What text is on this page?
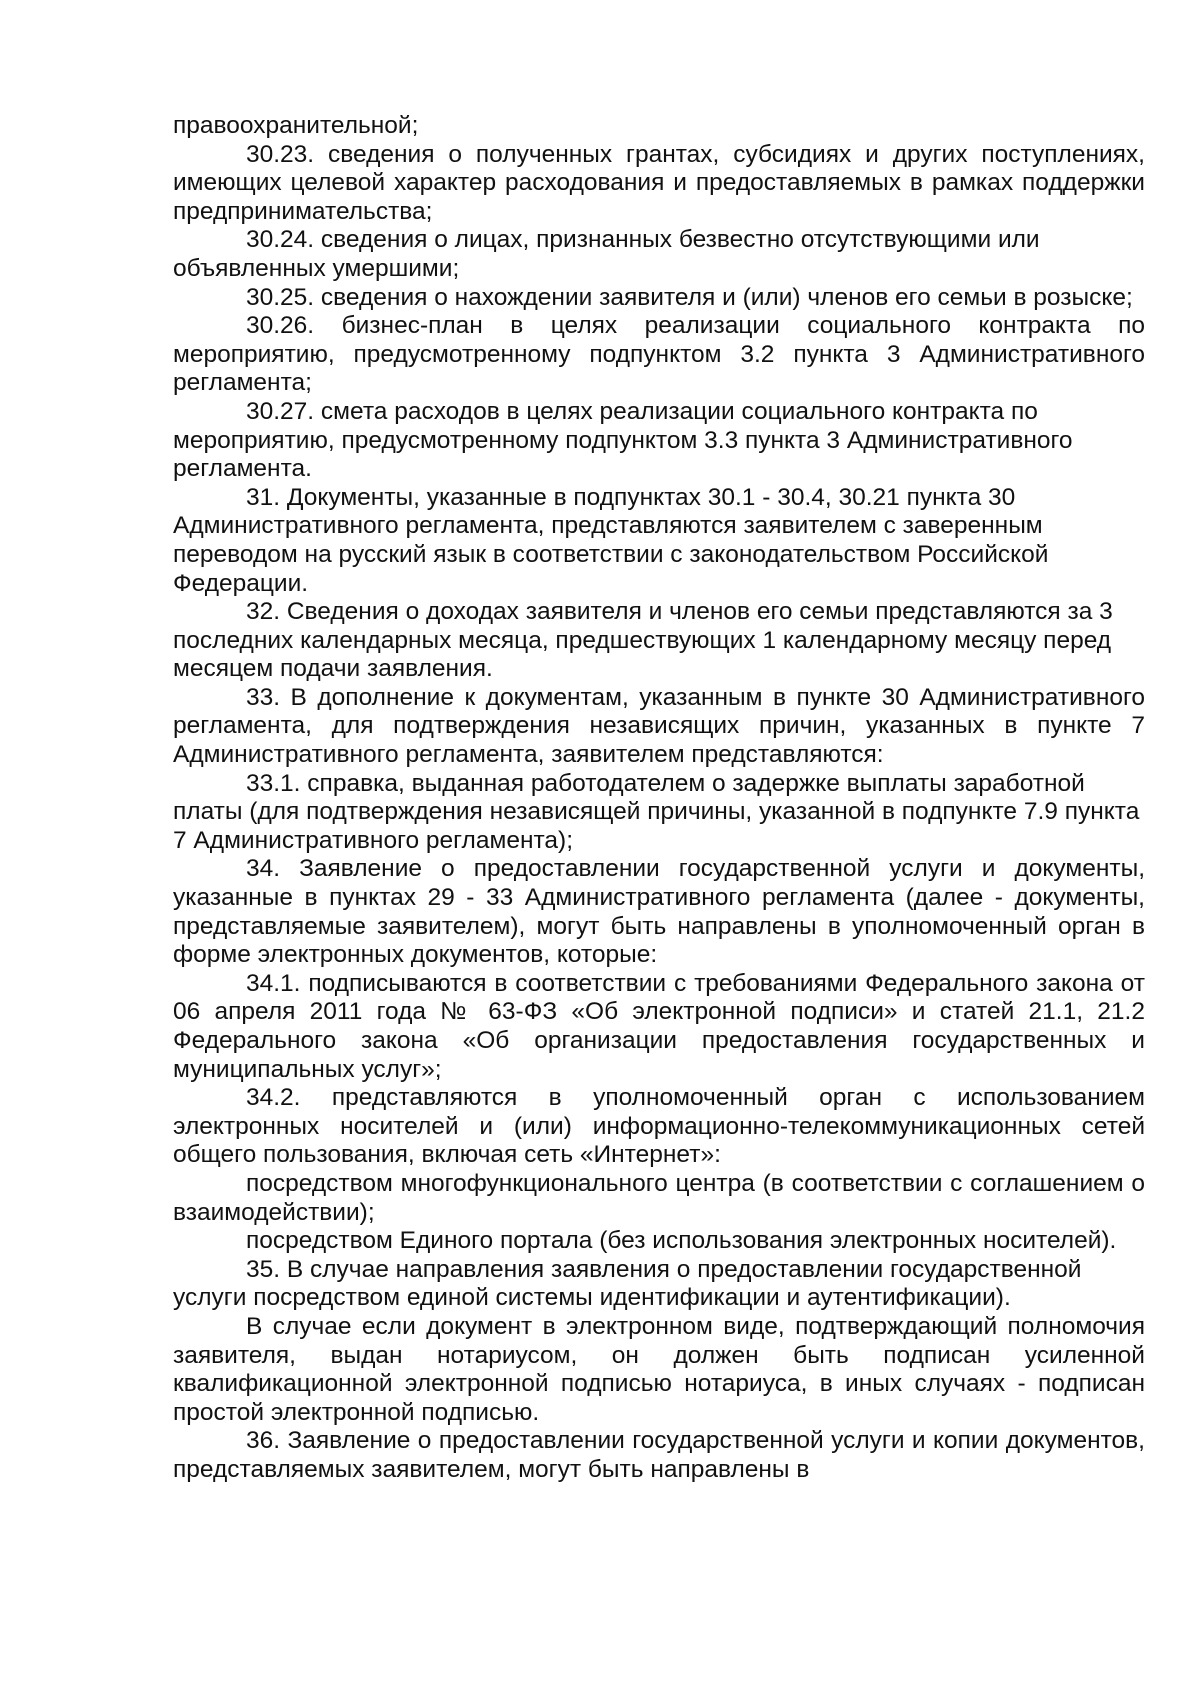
правоохранительной;

30.23. сведения о полученных грантах, субсидиях и других поступлениях, имеющих целевой характер расходования и предоставляемых в рамках поддержки предпринимательства;

30.24. сведения о лицах, признанных безвестно отсутствующими или объявленных умершими;

30.25. сведения о нахождении заявителя и (или) членов его семьи в розыске;

30.26. бизнес-план в целях реализации социального контракта по мероприятию, предусмотренному подпунктом 3.2 пункта 3 Административного регламента;

30.27. смета расходов в целях реализации социального контракта по мероприятию, предусмотренному подпунктом 3.3 пункта 3 Административного регламента.

31. Документы, указанные в подпунктах 30.1 - 30.4, 30.21 пункта 30 Административного регламента, представляются заявителем с заверенным переводом на русский язык в соответствии с законодательством Российской Федерации.

32. Сведения о доходах заявителя и членов его семьи представляются за 3 последних календарных месяца, предшествующих 1 календарному месяцу перед месяцем подачи заявления.

33. В дополнение к документам, указанным в пункте 30 Административного регламента, для подтверждения независящих причин, указанных в пункте 7 Административного регламента, заявителем представляются:

33.1. справка, выданная работодателем о задержке выплаты заработной платы (для подтверждения независящей причины, указанной в подпункте 7.9 пункта 7 Административного регламента);

34. Заявление о предоставлении государственной услуги и документы, указанные в пунктах 29 - 33 Административного регламента (далее - документы, представляемые заявителем), могут быть направлены в уполномоченный орган в форме электронных документов, которые:

34.1. подписываются в соответствии с требованиями Федерального закона от 06 апреля 2011 года № 63-ФЗ «Об электронной подписи» и статей 21.1, 21.2 Федерального закона «Об организации предоставления государственных и муниципальных услуг»;

34.2. представляются в уполномоченный орган с использованием электронных носителей и (или) информационно-телекоммуникационных сетей общего пользования, включая сеть «Интернет»:

посредством многофункционального центра (в соответствии с соглашением о взаимодействии);

посредством Единого портала (без использования электронных носителей).

35. В случае направления заявления о предоставлении государственной услуги посредством единой системы идентификации и аутентификации).

В случае если документ в электронном виде, подтверждающий полномочия заявителя, выдан нотариусом, он должен быть подписан усиленной квалификационной электронной подписью нотариуса, в иных случаях - подписан простой электронной подписью.

36. Заявление о предоставлении государственной услуги и копии документов, представляемых заявителем, могут быть направлены в
